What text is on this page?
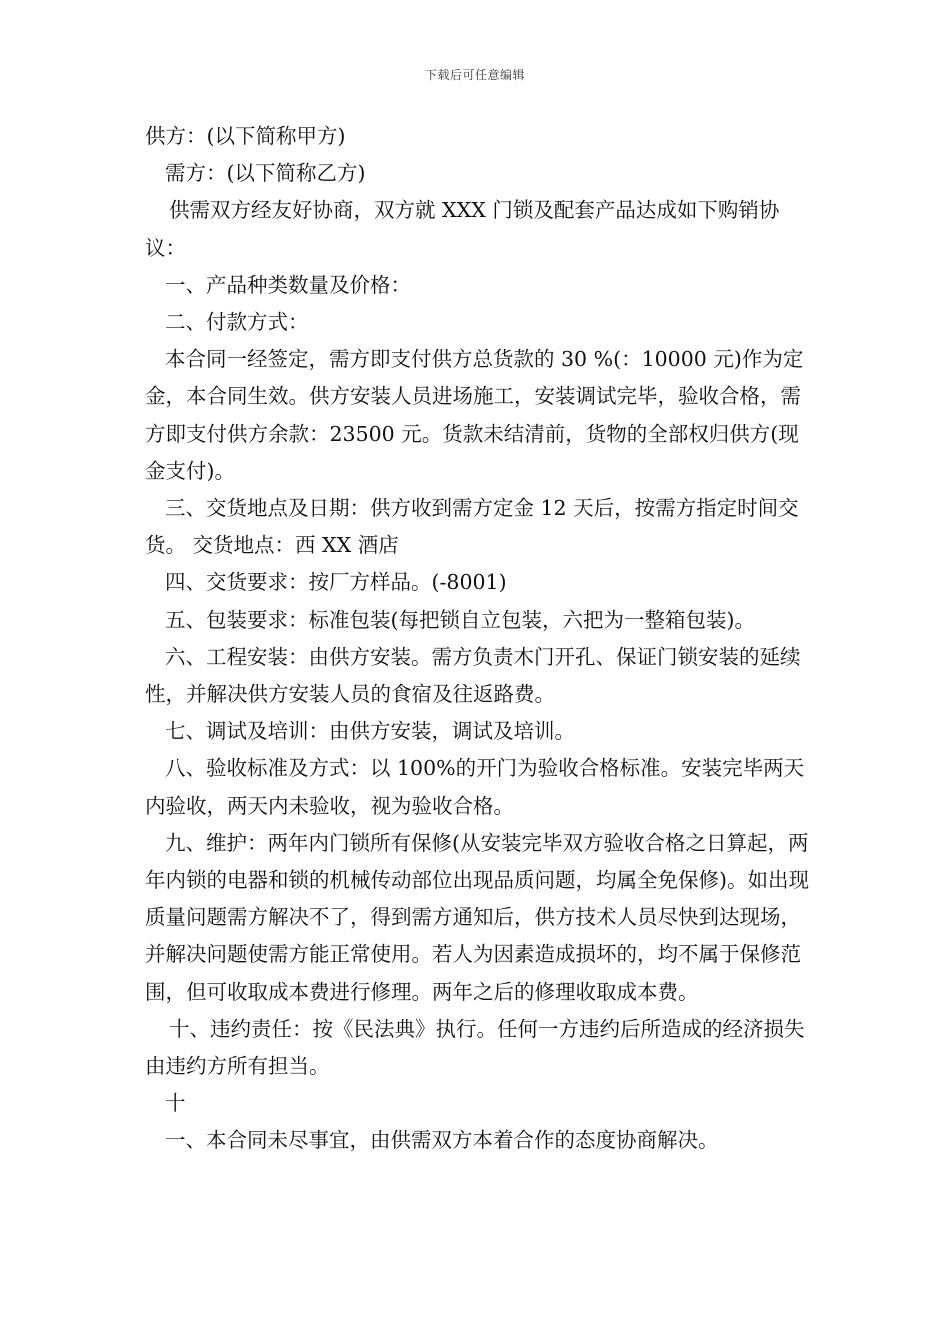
下载后可任意编辑

供方：(以下简称甲方)

需方：(以下简称乙方)

供需双方经友好协商，双方就 XXX 门锁及配套产品达成如下购销协议：

一、产品种类数量及价格：

二、付款方式：

本合同一经签定，需方即支付供方总货款的 30 %(：10000 元)作为定金，本合同生效。供方安装人员进场施工，安装调试完毕，验收合格，需方即支付供方余款：23500 元。货款未结清前，货物的全部权归供方(现金支付)。

三、交货地点及日期：供方收到需方定金 12 天后，按需方指定时间交货。 交货地点：西 XX 酒店

四、交货要求：按厂方样品。(-8001)

五、包装要求：标准包装(每把锁自立包装，六把为一整箱包装)。

六、工程安装：由供方安装。需方负责木门开孔、保证门锁安装的延续性，并解决供方安装人员的食宿及往返路费。

七、调试及培训：由供方安装，调试及培训。

八、验收标准及方式：以 100%的开门为验收合格标准。安装完毕两天内验收，两天内未验收，视为验收合格。

九、维护：两年内门锁所有保修(从安装完毕双方验收合格之日算起，两年内锁的电器和锁的机械传动部位出现品质问题，均属全免保修)。如出现质量问题需方解决不了，得到需方通知后，供方技术人员尽快到达现场，并解决问题使需方能正常使用。若人为因素造成损坏的，均不属于保修范围，但可收取成本费进行修理。两年之后的修理收取成本费。

十、违约责任：按《民法典》执行。任何一方违约后所造成的经济损失由违约方所有担当。

十

一、本合同未尽事宜，由供需双方本着合作的态度协商解决。
